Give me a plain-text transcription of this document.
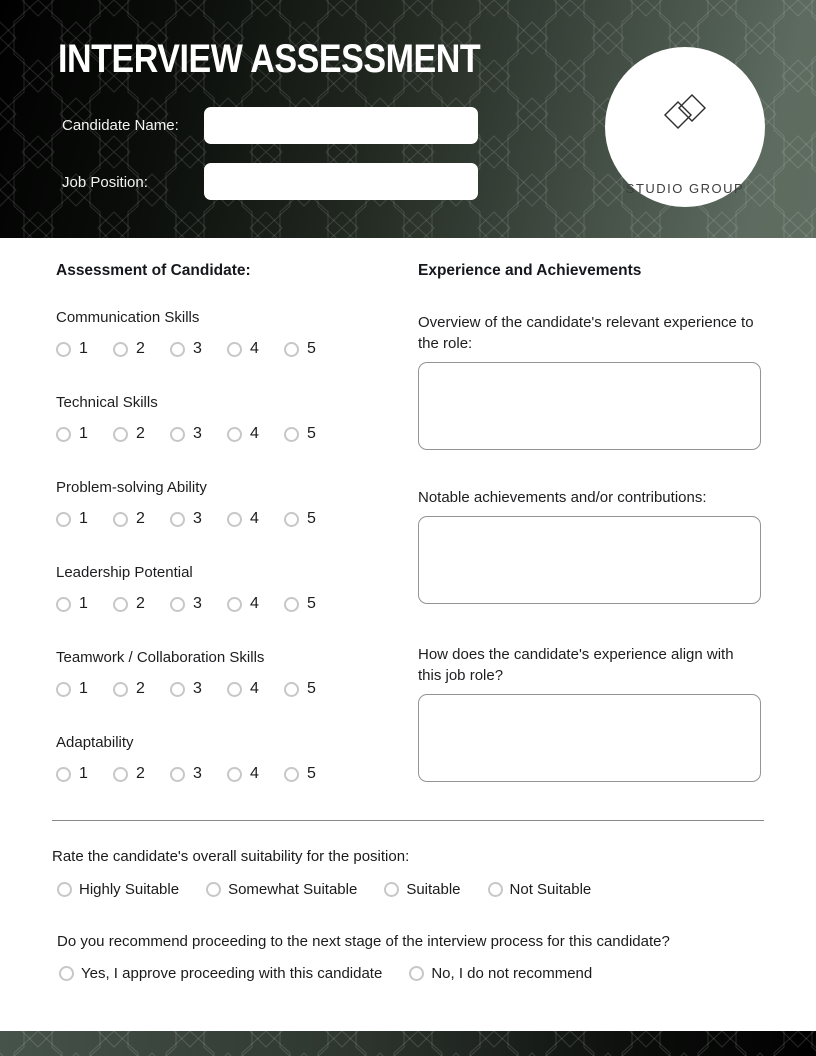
INTERVIEW ASSESSMENT
Candidate Name:
Job Position:	STUDIO GROUP
Assessment of Candidate:
Communication Skills
1	2	3	4	5
Technical Skills
1	2	3	4	5
Problem-solving Ability
1	2	3	4	5
Leadership Potential
1	2	3	4	5
Teamwork / Collaboration Skills
1	2	3	4	5
Adaptability
1	2	3	4	5
Experience and Achievements
Overview of the candidate's relevant experience to the role:
Notable achievements and/or contributions:
How does the candidate's experience align with this job role?
Rate the candidate's overall suitability for the position:
Highly Suitable	Somewhat Suitable	Suitable	Not Suitable
Do you recommend proceeding to the next stage of the interview process for this candidate?
Yes, I approve proceeding with this candidate	No, I do not recommend
